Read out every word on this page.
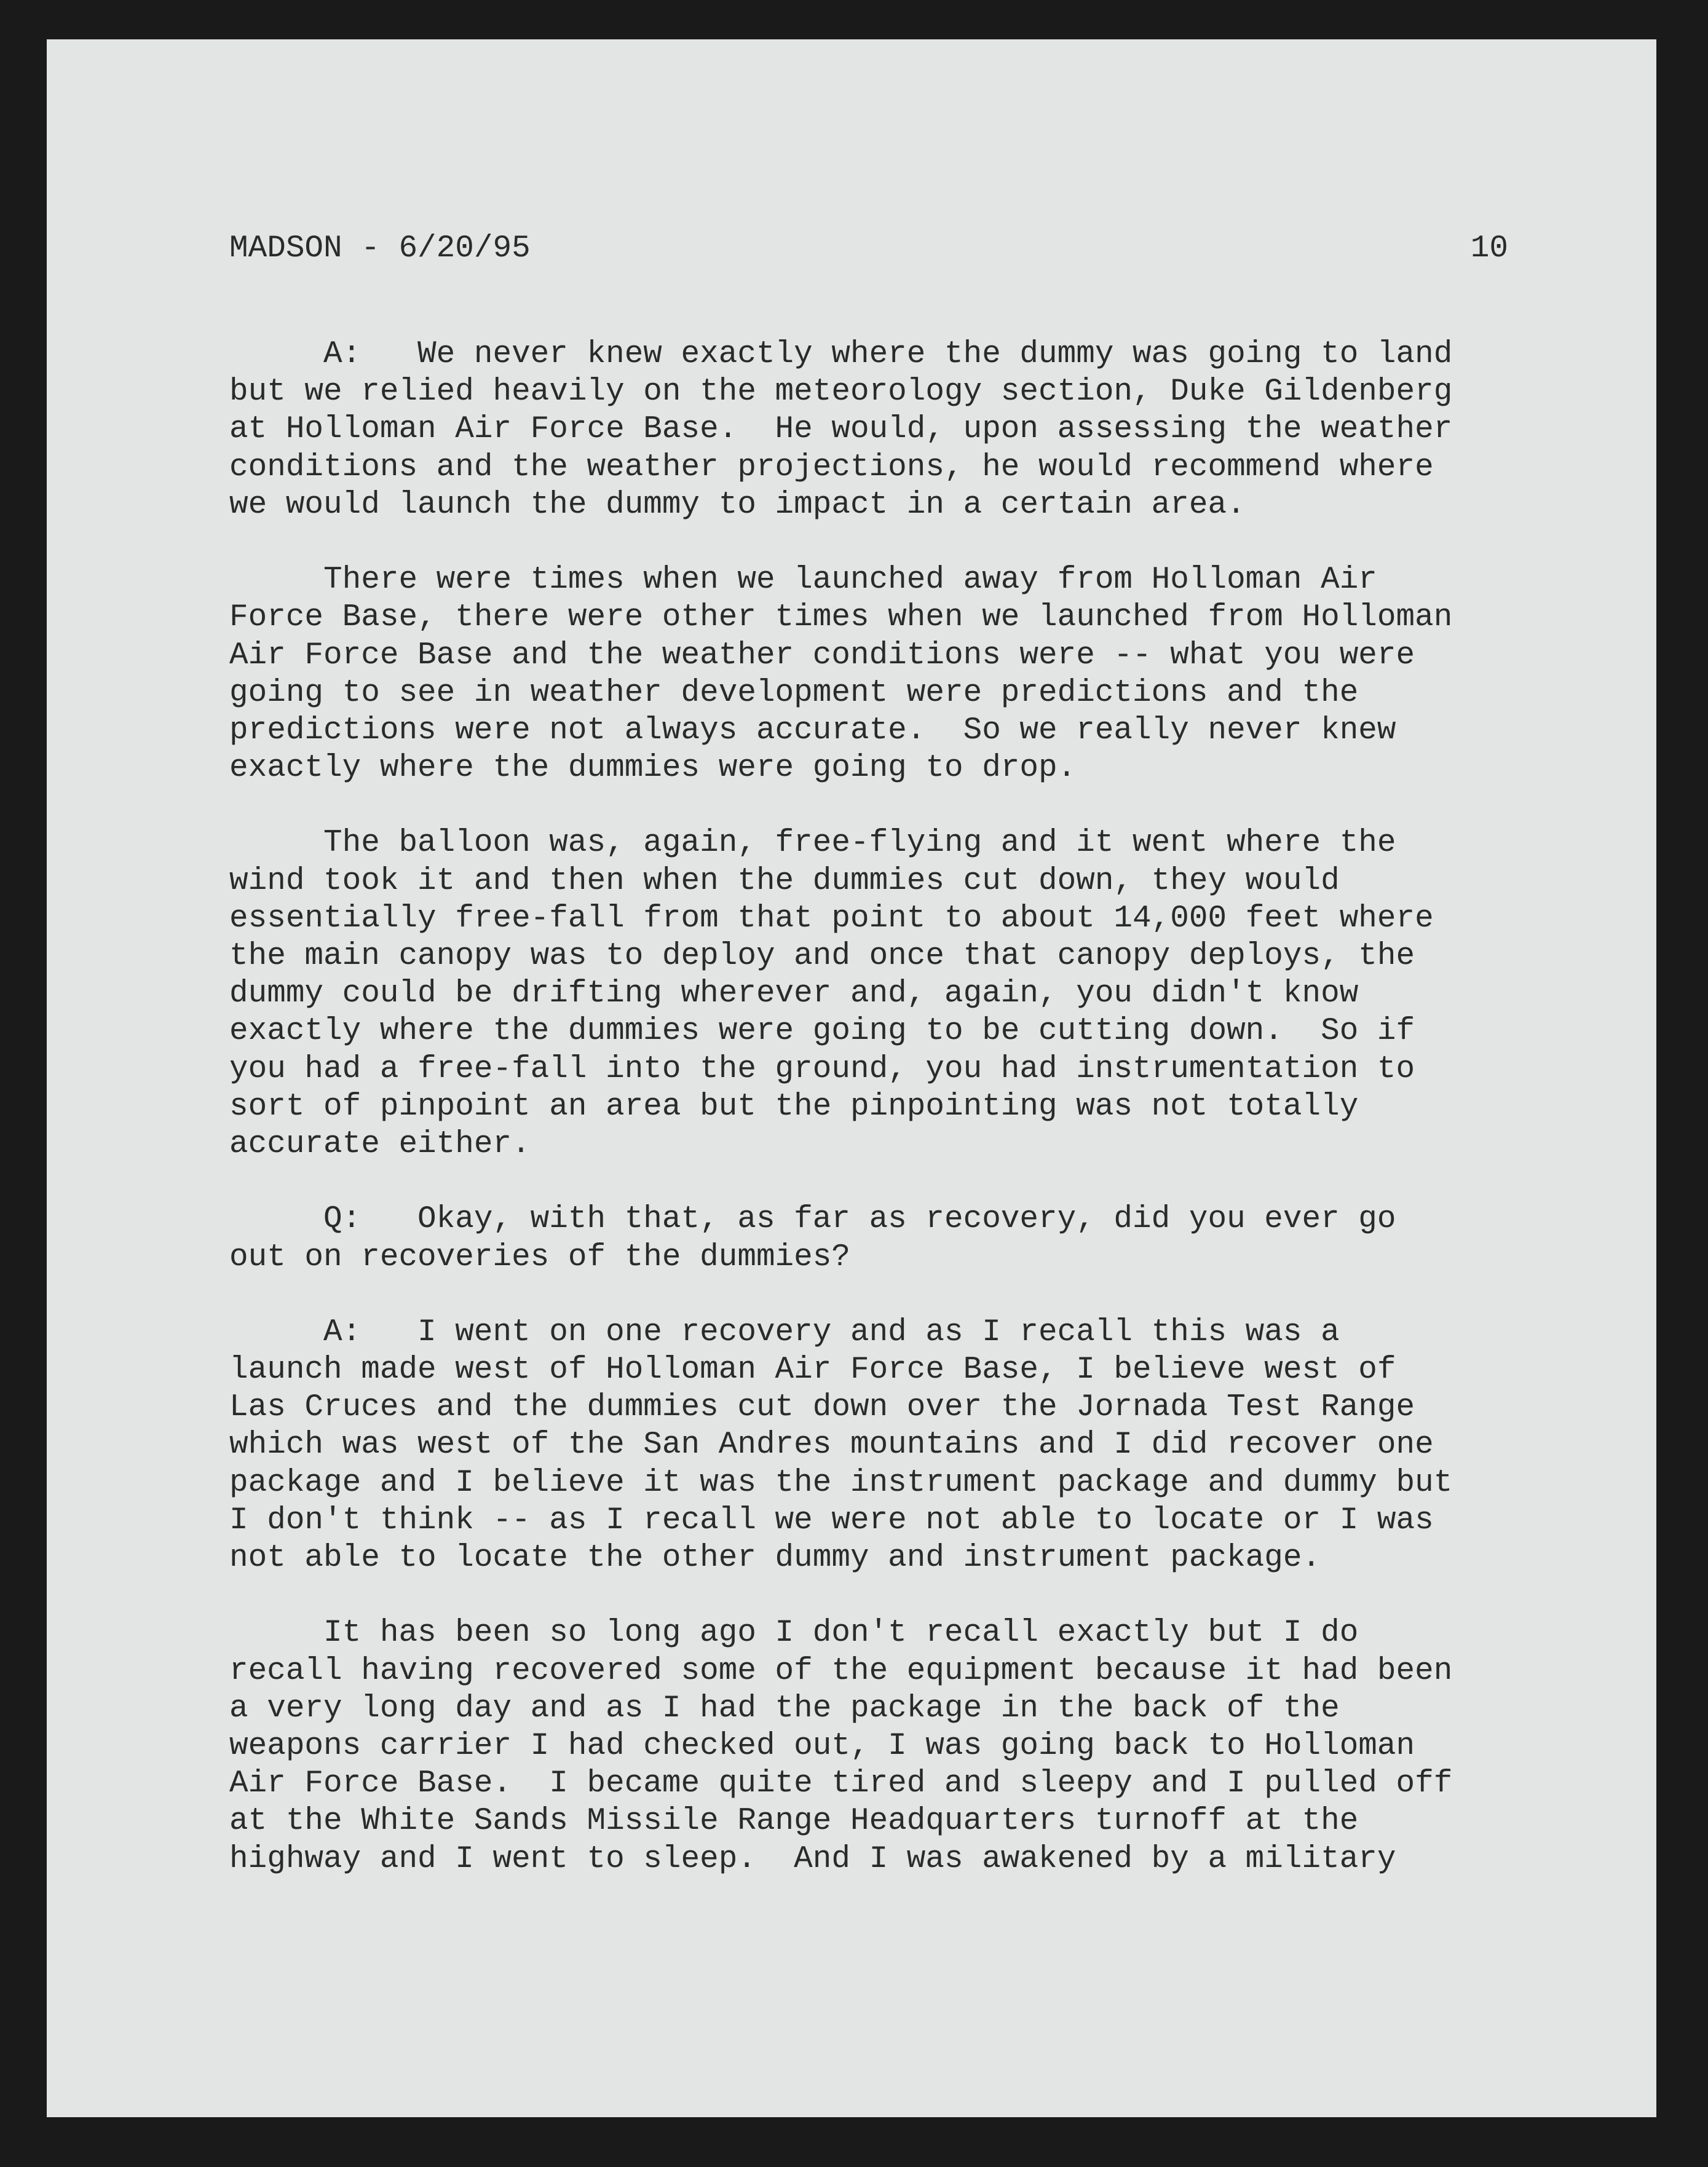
MADSON - 6/20/95	10
A:   We never knew exactly where the dummy was going to land
but we relied heavily on the meteorology section, Duke Gildenberg
at Holloman Air Force Base.  He would, upon assessing the weather
conditions and the weather projections, he would recommend where
we would launch the dummy to impact in a certain area.
There were times when we launched away from Holloman Air
Force Base, there were other times when we launched from Holloman
Air Force Base and the weather conditions were -- what you were
going to see in weather development were predictions and the
predictions were not always accurate.  So we really never knew
exactly where the dummies were going to drop.
The balloon was, again, free-flying and it went where the
wind took it and then when the dummies cut down, they would
essentially free-fall from that point to about 14,000 feet where
the main canopy was to deploy and once that canopy deploys, the
dummy could be drifting wherever and, again, you didn't know
exactly where the dummies were going to be cutting down.  So if
you had a free-fall into the ground, you had instrumentation to
sort of pinpoint an area but the pinpointing was not totally
accurate either.
Q:   Okay, with that, as far as recovery, did you ever go
out on recoveries of the dummies?
A:   I went on one recovery and as I recall this was a
launch made west of Holloman Air Force Base, I believe west of
Las Cruces and the dummies cut down over the Jornada Test Range
which was west of the San Andres mountains and I did recover one
package and I believe it was the instrument package and dummy but
I don't think -- as I recall we were not able to locate or I was
not able to locate the other dummy and instrument package.
It has been so long ago I don't recall exactly but I do
recall having recovered some of the equipment because it had been
a very long day and as I had the package in the back of the
weapons carrier I had checked out, I was going back to Holloman
Air Force Base.  I became quite tired and sleepy and I pulled off
at the White Sands Missile Range Headquarters turnoff at the
highway and I went to sleep.  And I was awakened by a military
